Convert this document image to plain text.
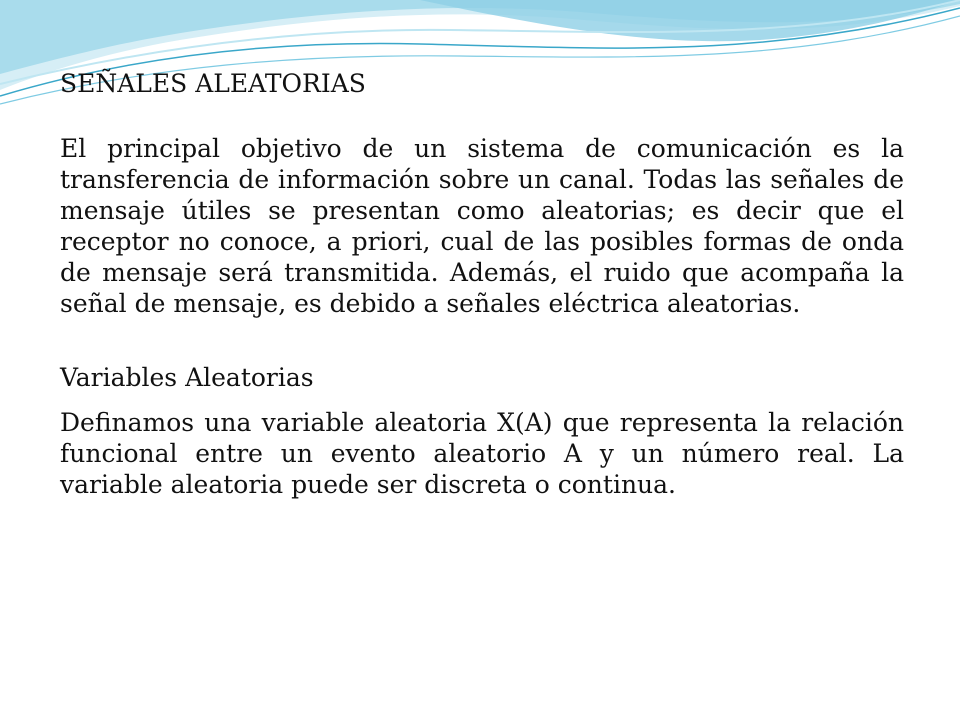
SEÑALES ALEATORIAS
El principal objetivo de un sistema de comunicación es la transferencia de información sobre un canal. Todas las señales de mensaje útiles se presentan como aleatorias; es decir que el receptor no conoce, a priori, cual de las posibles formas de onda de mensaje será transmitida. Además, el ruido que acompaña la señal de mensaje, es debido a señales eléctrica aleatorias.
Variables Aleatorias
Definamos una variable aleatoria X(A) que representa la relación funcional entre un evento aleatorio A y un número real. La variable aleatoria puede ser discreta o continua.
